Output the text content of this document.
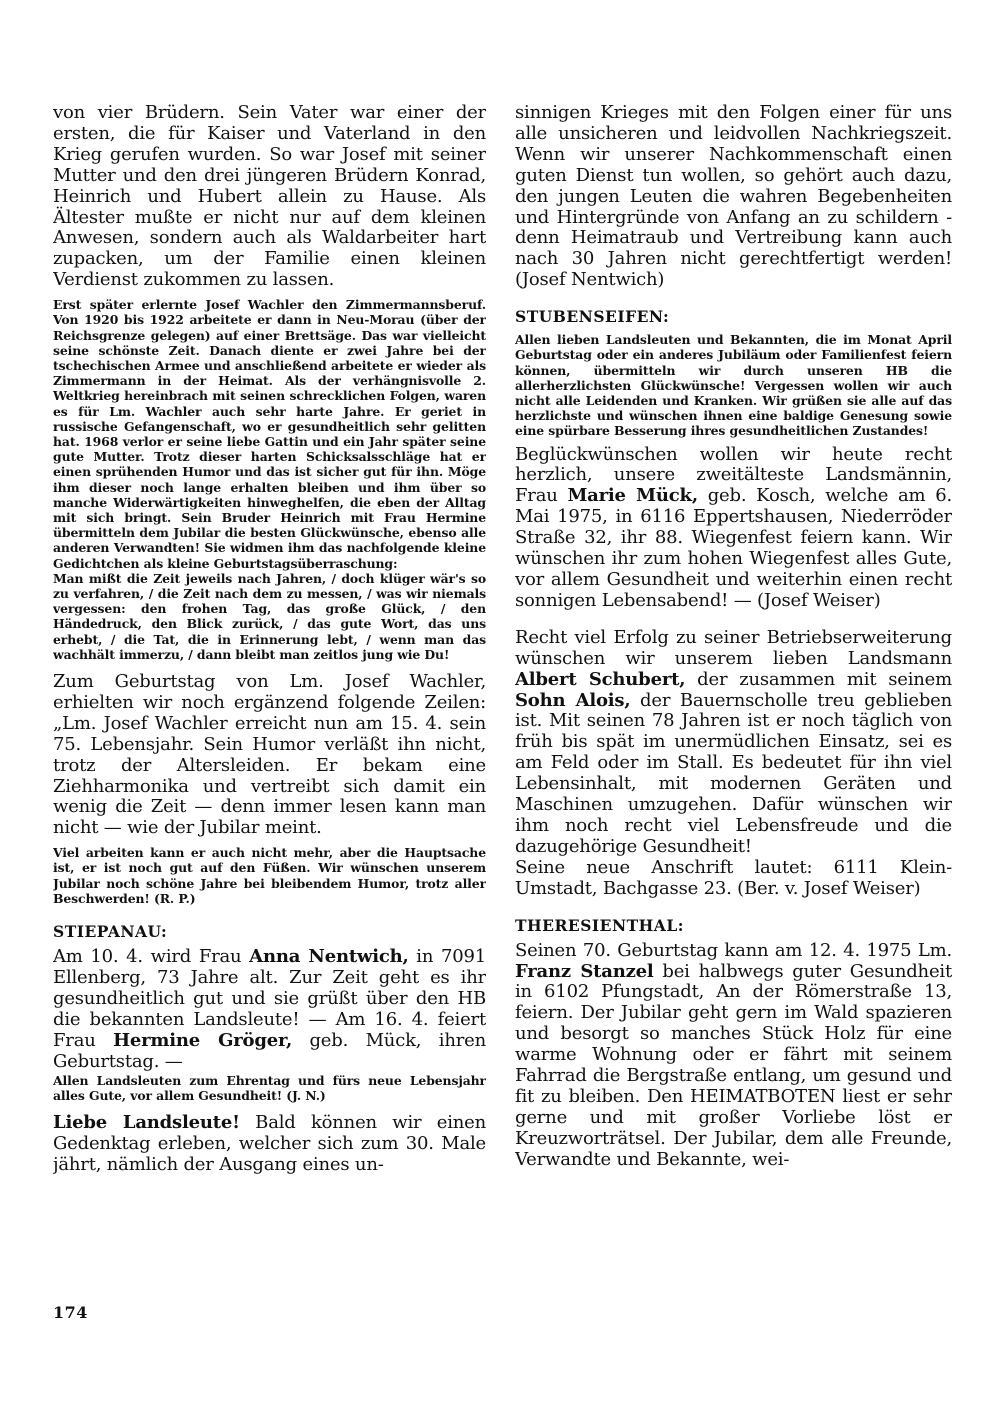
von vier Brüdern. Sein Vater war einer der ersten, die für Kaiser und Vaterland in den Krieg gerufen wurden. So war Josef mit seiner Mutter und den drei jüngeren Brüdern Konrad, Heinrich und Hubert allein zu Hause. Als Ältester mußte er nicht nur auf dem kleinen Anwesen, sondern auch als Waldarbeiter hart zupacken, um der Familie einen kleinen Verdienst zukommen zu lassen.

Erst später erlernte Josef Wachler den Zimmermannsberuf. Von 1920 bis 1922 arbeitete er dann in Neu-Morau (über der Reichsgrenze gelegen) auf einer Brettsäge. Das war vielleicht seine schönste Zeit. Danach diente er zwei Jahre bei der tschechischen Armee und anschließend arbeitete er wieder als Zimmermann in der Heimat. Als der verhängnisvolle 2. Weltkrieg hereinbrach mit seinen schrecklichen Folgen, waren es für Lm. Wachler auch sehr harte Jahre. Er geriet in russische Gefangenschaft, wo er gesundheitlich sehr gelitten hat. 1968 verlor er seine liebe Gattin und ein Jahr später seine gute Mutter. Trotz dieser harten Schicksalsschläge hat er einen sprühenden Humor und das ist sicher gut für ihn. Möge ihm dieser noch lange erhalten bleiben und ihm über so manche Widerwärtigkeiten hinweghelfen, die eben der Alltag mit sich bringt. Sein Bruder Heinrich mit Frau Hermine übermitteln dem Jubilar die besten Glückwünsche, ebenso alle anderen Verwandten! Sie widmen ihm das nachfolgende kleine Gedichtchen als kleine Geburtstagsüberraschung:

Man mißt die Zeit jeweils nach Jahren, / doch klüger wär's so zu verfahren, / die Zeit nach dem zu messen, / was wir niemals vergessen: den frohen Tag, das große Glück, / den Händedruck, den Blick zurück, / das gute Wort, das uns erhebt, / die Tat, die in Erinnerung lebt, / wenn man das wachhält immerzu, / dann bleibt man zeitlos jung wie Du!

Zum Geburtstag von Lm. Josef Wachler, erhielten wir noch ergänzend folgende Zeilen: „Lm. Josef Wachler erreicht nun am 15. 4. sein 75. Lebensjahr. Sein Humor verläßt ihn nicht, trotz der Altersleiden. Er bekam eine Ziehharmonika und vertreibt sich damit ein wenig die Zeit — denn immer lesen kann man nicht — wie der Jubilar meint.

Viel arbeiten kann er auch nicht mehr, aber die Hauptsache ist, er ist noch gut auf den Füßen. Wir wünschen unserem Jubilar noch schöne Jahre bei bleibendem Humor, trotz aller Beschwerden! (R. P.)

STIEPANAU:

Am 10. 4. wird Frau Anna Nentwich, in 7091 Ellenberg, 73 Jahre alt. Zur Zeit geht es ihr gesundheitlich gut und sie grüßt über den HB die bekannten Landsleute! — Am 16. 4. feiert Frau Hermine Gröger, geb. Mück, ihren Geburtstag. —

Allen Landsleuten zum Ehrentag und fürs neue Lebensjahr alles Gute, vor allem Gesundheit! (J. N.)

Liebe Landsleute! Bald können wir einen Gedenktag erleben, welcher sich zum 30. Male jährt, nämlich der Ausgang eines un-

sinnigen Krieges mit den Folgen einer für uns alle unsicheren und leidvollen Nachkriegszeit. Wenn wir unserer Nachkommenschaft einen guten Dienst tun wollen, so gehört auch dazu, den jungen Leuten die wahren Begebenheiten und Hintergründe von Anfang an zu schildern - denn Heimatraub und Vertreibung kann auch nach 30 Jahren nicht gerechtfertigt werden! (Josef Nentwich)

STUBENSEIFEN:

Allen lieben Landsleuten und Bekannten, die im Monat April Geburtstag oder ein anderes Jubiläum oder Familienfest feiern können, übermitteln wir durch unseren HB die allerherzlichsten Glückwünsche! Vergessen wollen wir auch nicht alle Leidenden und Kranken. Wir grüßen sie alle auf das herzlichste und wünschen ihnen eine baldige Genesung sowie eine spürbare Besserung ihres gesundheitlichen Zustandes!

Beglückwünschen wollen wir heute recht herzlich, unsere zweitälteste Landsmännin, Frau Marie Mück, geb. Kosch, welche am 6. Mai 1975, in 6116 Eppertshausen, Niederröder Straße 32, ihr 88. Wiegenfest feiern kann. Wir wünschen ihr zum hohen Wiegenfest alles Gute, vor allem Gesundheit und weiterhin einen recht sonnigen Lebensabend! — (Josef Weiser)

Recht viel Erfolg zu seiner Betriebserweiterung wünschen wir unserem lieben Landsmann Albert Schubert, der zusammen mit seinem Sohn Alois, der Bauernscholle treu geblieben ist. Mit seinen 78 Jahren ist er noch täglich von früh bis spät im unermüdlichen Einsatz, sei es am Feld oder im Stall. Es bedeutet für ihn viel Lebensinhalt, mit modernen Geräten und Maschinen umzugehen. Dafür wünschen wir ihm noch recht viel Lebensfreude und die dazugehörige Gesundheit!

Seine neue Anschrift lautet: 6111 Klein-Umstadt, Bachgasse 23. (Ber. v. Josef Weiser)

THERESIENTHAL:

Seinen 70. Geburtstag kann am 12. 4. 1975 Lm. Franz Stanzel bei halbwegs guter Gesundheit in 6102 Pfungstadt, An der Römerstraße 13, feiern. Der Jubilar geht gern im Wald spazieren und besorgt so manches Stück Holz für eine warme Wohnung oder er fährt mit seinem Fahrrad die Bergstraße entlang, um gesund und fit zu bleiben. Den HEIMATBOTEN liest er sehr gerne und mit großer Vorliebe löst er Kreuzworträtsel. Der Jubilar, dem alle Freunde, Verwandte und Bekannte, wei-

174
